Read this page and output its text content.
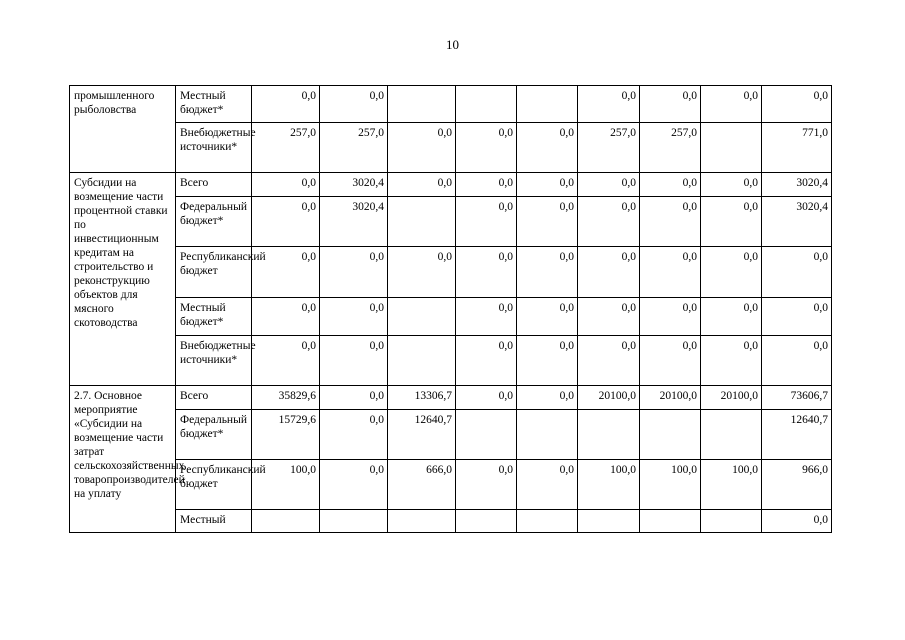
10
промышленного рыболовства	Местный бюджет*	0,0	0,0				0,0	0,0	0,0	0,0
	Внебюджетные источники*	257,0	257,0	0,0	0,0	0,0	257,0	257,0		771,0
Субсидии на возмещение части процентной ставки по инвестиционным кредитам на строительство и реконструкцию объектов для мясного скотоводства	Всего	0,0	3020,4	0,0	0,0	0,0	0,0	0,0	0,0	3020,4
	Федеральный бюджет*	0,0	3020,4		0,0	0,0	0,0	0,0	0,0	3020,4
	Республиканский бюджет	0,0	0,0	0,0	0,0	0,0	0,0	0,0	0,0	0,0
	Местный бюджет*	0,0	0,0		0,0	0,0	0,0	0,0	0,0	0,0
	Внебюджетные источники*	0,0	0,0		0,0	0,0	0,0	0,0	0,0	0,0
2.7. Основное мероприятие «Субсидии на возмещение части затрат сельскохозяйственных товаропроизводителей на уплату	Всего	35829,6	0,0	13306,7	0,0	0,0	20100,0	20100,0	20100,0	73606,7
	Федеральный бюджет*	15729,6	0,0	12640,7						12640,7
	Республиканский бюджет	100,0	0,0	666,0	0,0	0,0	100,0	100,0	100,0	966,0
	Местный									0,0
